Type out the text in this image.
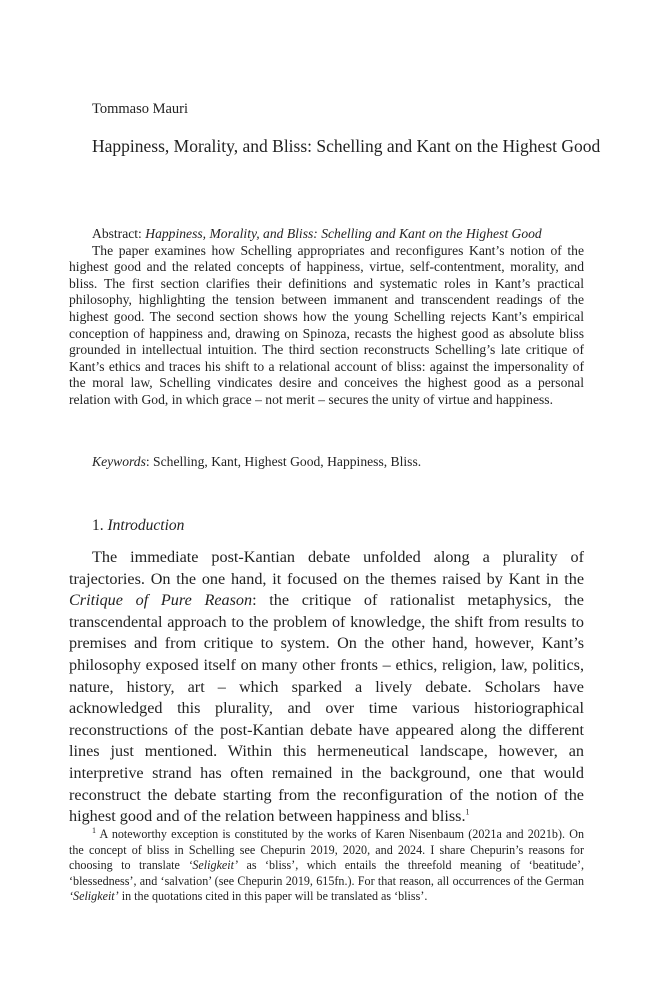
Tommaso Mauri

Happiness, Morality, and Bliss: Schelling and Kant on the Highest Good

Abstract: Happiness, Morality, and Bliss: Schelling and Kant on the Highest Good

The paper examines how Schelling appropriates and reconfigures Kant’s notion of the highest good and the related concepts of happiness, virtue, self-contentment, morality, and bliss. The first section clarifies their definitions and systematic roles in Kant’s practical philosophy, highlighting the tension between immanent and transcendent readings of the highest good. The second section shows how the young Schelling rejects Kant’s empirical conception of happiness and, drawing on Spinoza, recasts the highest good as absolute bliss grounded in intellectual intuition. The third section reconstructs Schelling’s late critique of Kant’s ethics and traces his shift to a relational account of bliss: against the impersonality of the moral law, Schelling vindicates desire and conceives the highest good as a personal relation with God, in which grace – not merit – secures the unity of virtue and happiness.

Keywords: Schelling, Kant, Highest Good, Happiness, Bliss.

1. Introduction

The immediate post-Kantian debate unfolded along a plurality of trajectories. On the one hand, it focused on the themes raised by Kant in the Critique of Pure Reason: the critique of rationalist metaphysics, the transcendental approach to the problem of knowledge, the shift from results to premises and from critique to system. On the other hand, however, Kant’s philosophy exposed itself on many other fronts – ethics, religion, law, politics, nature, history, art – which sparked a lively debate. Scholars have acknowledged this plurality, and over time various historiographical reconstructions of the post-Kantian debate have appeared along the different lines just mentioned. Within this hermeneutical landscape, however, an interpretive strand has often remained in the background, one that would reconstruct the debate starting from the reconfiguration of the notion of the highest good and of the relation between happiness and bliss.$^1$

$^1$ A noteworthy exception is constituted by the works of Karen Nisenbaum (2021a and 2021b). On the concept of bliss in Schelling see Chepurin 2019, 2020, and 2024. I share Chepurin’s reasons for choosing to translate ‘Seligkeit’ as ‘bliss’, which entails the threefold meaning of ‘beatitude’, ‘blessedness’, and ‘salvation’ (see Chepurin 2019, 615fn.). For that reason, all occurrences of the German ‘Seligkeit’ in the quotations cited in this paper will be translated as ‘bliss’.
